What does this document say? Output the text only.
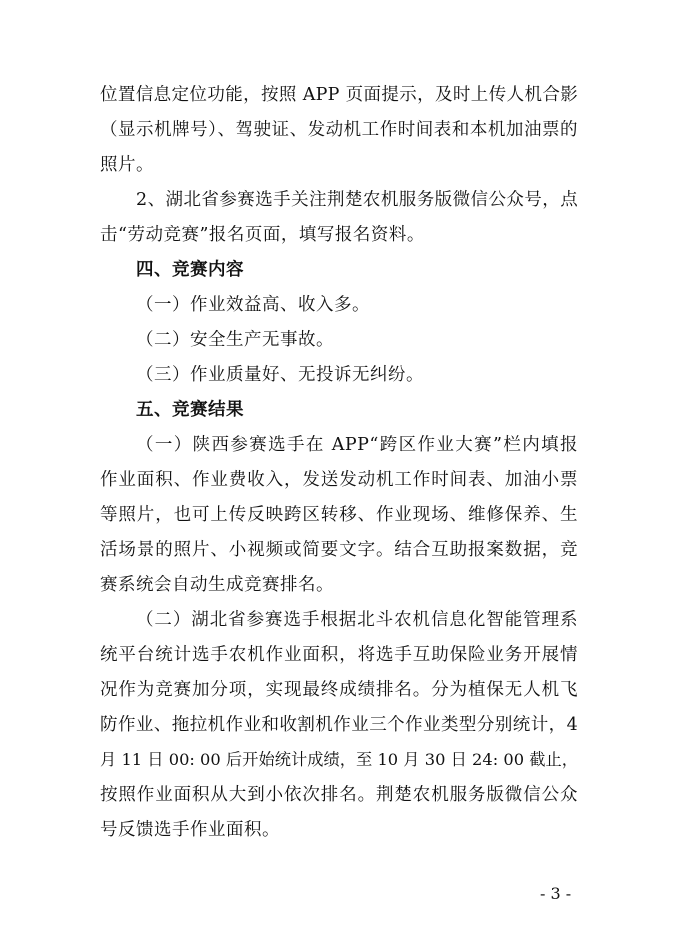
位置信息定位功能，按照 APP 页面提示，及时上传人机合影
（显示机牌号）、驾驶证、发动机工作时间表和本机加油票的
照片。
2、湖北省参赛选手关注荆楚农机服务版微信公众号，点
击“劳动竞赛”报名页面，填写报名资料。
四、竞赛内容
（一）作业效益高、收入多。
（二）安全生产无事故。
（三）作业质量好、无投诉无纠纷。
五、竞赛结果
（一）陕西参赛选手在 APP“跨区作业大赛”栏内填报
作业面积、作业费收入，发送发动机工作时间表、加油小票
等照片，也可上传反映跨区转移、作业现场、维修保养、生
活场景的照片、小视频或简要文字。结合互助报案数据，竞
赛系统会自动生成竞赛排名。
（二）湖北省参赛选手根据北斗农机信息化智能管理系
统平台统计选手农机作业面积，将选手互助保险业务开展情
况作为竞赛加分项，实现最终成绩排名。分为植保无人机飞
防作业、拖拉机作业和收割机作业三个作业类型分别统计，4
月 11 日 00: 00 后开始统计成绩，至 10 月 30 日 24: 00 截止，
按照作业面积从大到小依次排名。荆楚农机服务版微信公众
号反馈选手作业面积。
- 3 -
